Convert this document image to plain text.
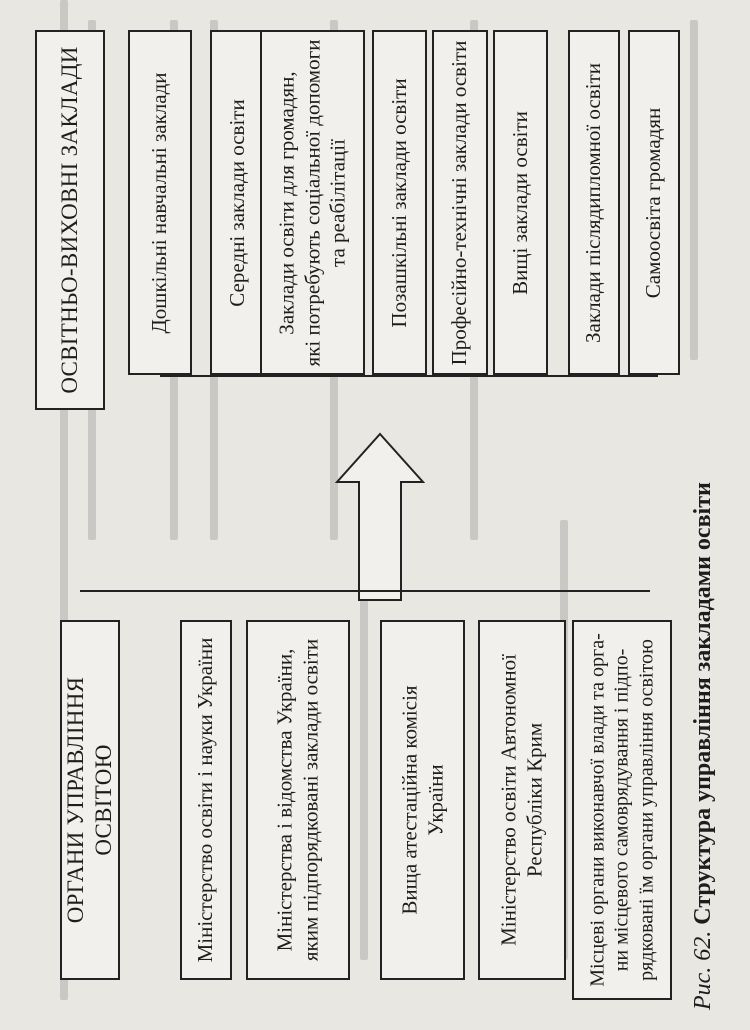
ОСВІТНЬО-ВИХОВНІ ЗАКЛАДИ	Дошкільні навчальні заклади	Середні заклади освіти Заклади освіти для громадян,
які потребують соціальної допомоги
та реабілітації Позашкільні заклади освіти Професійно-технічні заклади освіти Вищі заклади освіти Заклади післядипломної освіти Самоосвіта громадян
ОРГАНИ УПРАВЛІННЯ ОСВІТОЮ	Міністерство освіти і науки України	Міністерства і відомства України,
яким підпорядковані заклади освіти
Вища атестаційна комісія
України
Міністерство освіти Автономної
Республіки Крим
Місцеві органи виконавчої влади та орга-
ни місцевого самоврядування і підпо-
рядковані їм органи управління освітою
Рис. 62. Структура управління закладами освіти
